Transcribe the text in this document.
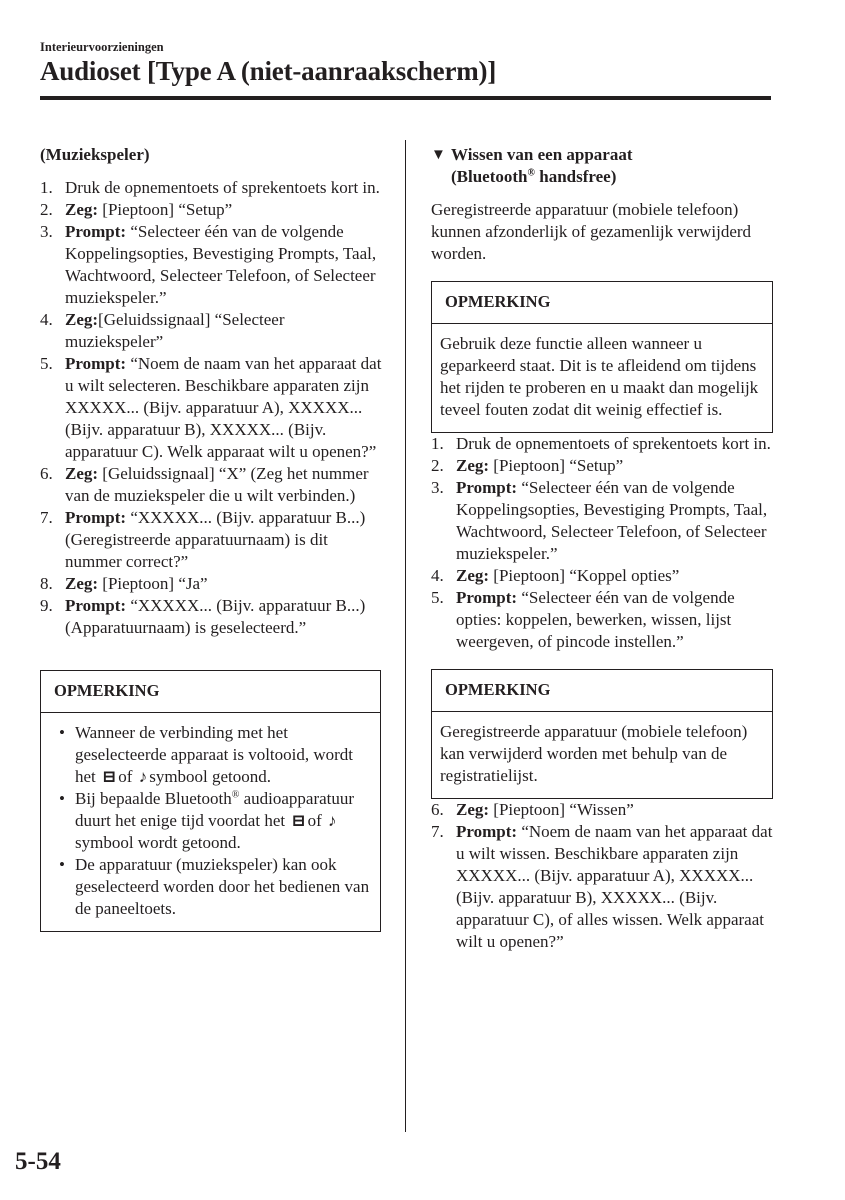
Interieurvoorzieningen
Audioset [Type A (niet-aanraakscherm)]
(Muziekspeler)
1. Druk de opnementoets of sprekentoets kort in.
2. Zeg: [Pieptoon] “Setup”
3. Prompt: “Selecteer één van de volgende Koppelingsopties, Bevestiging Prompts, Taal, Wachtwoord, Selecteer Telefoon, of Selecteer muziekspeler.”
4. Zeg:[Geluidssignaal] “Selecteer muziekspeler”
5. Prompt: “Noem de naam van het apparaat dat u wilt selecteren. Beschikbare apparaten zijn XXXXX... (Bijv. apparatuur A), XXXXX... (Bijv. apparatuur B), XXXXX... (Bijv. apparatuur C). Welk apparaat wilt u openen?”
6. Zeg: [Geluidssignaal] “X” (Zeg het nummer van de muziekspeler die u wilt verbinden.)
7. Prompt: “XXXXX... (Bijv. apparatuur B...) (Geregistreerde apparatuurnaam) is dit nummer correct?”
8. Zeg: [Pieptoon] “Ja”
9. Prompt: “XXXXX... (Bijv. apparatuur B...) (Apparatuurnaam) is geselecteerd.”
OPMERKING
• Wanneer de verbinding met het geselecteerde apparaat is voltooid, wordt het ⊟ of ♪ symbool getoond.
• Bij bepaalde Bluetooth® audioapparatuur duurt het enige tijd voordat het ⊟ of ♪symbool wordt getoond.
• De apparatuur (muziekspeler) kan ook geselecteerd worden door het bedienen van de paneeltoets.
▼ Wissen van een apparaat
(Bluetooth® handsfree)

Geregistreerde apparatuur (mobiele telefoon) kunnen afzonderlijk of gezamenlijk verwijderd worden.

OPMERKING
Gebruik deze functie alleen wanneer u geparkeerd staat. Dit is te afleidend om tijdens het rijden te proberen en u maakt dan mogelijk teveel fouten zodat dit weinig effectief is.
1. Druk de opnementoets of sprekentoets kort in.
2. Zeg: [Pieptoon] “Setup”
3. Prompt: “Selecteer één van de volgende Koppelingsopties, Bevestiging Prompts, Taal, Wachtwoord, Selecteer Telefoon, of Selecteer muziekspeler.”
4. Zeg: [Pieptoon] “Koppel opties”
5. Prompt: “Selecteer één van de volgende opties: koppelen, bewerken, wissen, lijst weergeven, of pincode instellen.”
OPMERKING
Geregistreerde apparatuur (mobiele telefoon) kan verwijderd worden met behulp van de registratielijst.
6. Zeg: [Pieptoon] “Wissen”
7. Prompt: “Noem de naam van het apparaat dat u wilt wissen. Beschikbare apparaten zijn XXXXX... (Bijv. apparatuur A), XXXXX... (Bijv. apparatuur B), XXXXX... (Bijv. apparatuur C), of alles wissen. Welk apparaat wilt u openen?”
5-54
